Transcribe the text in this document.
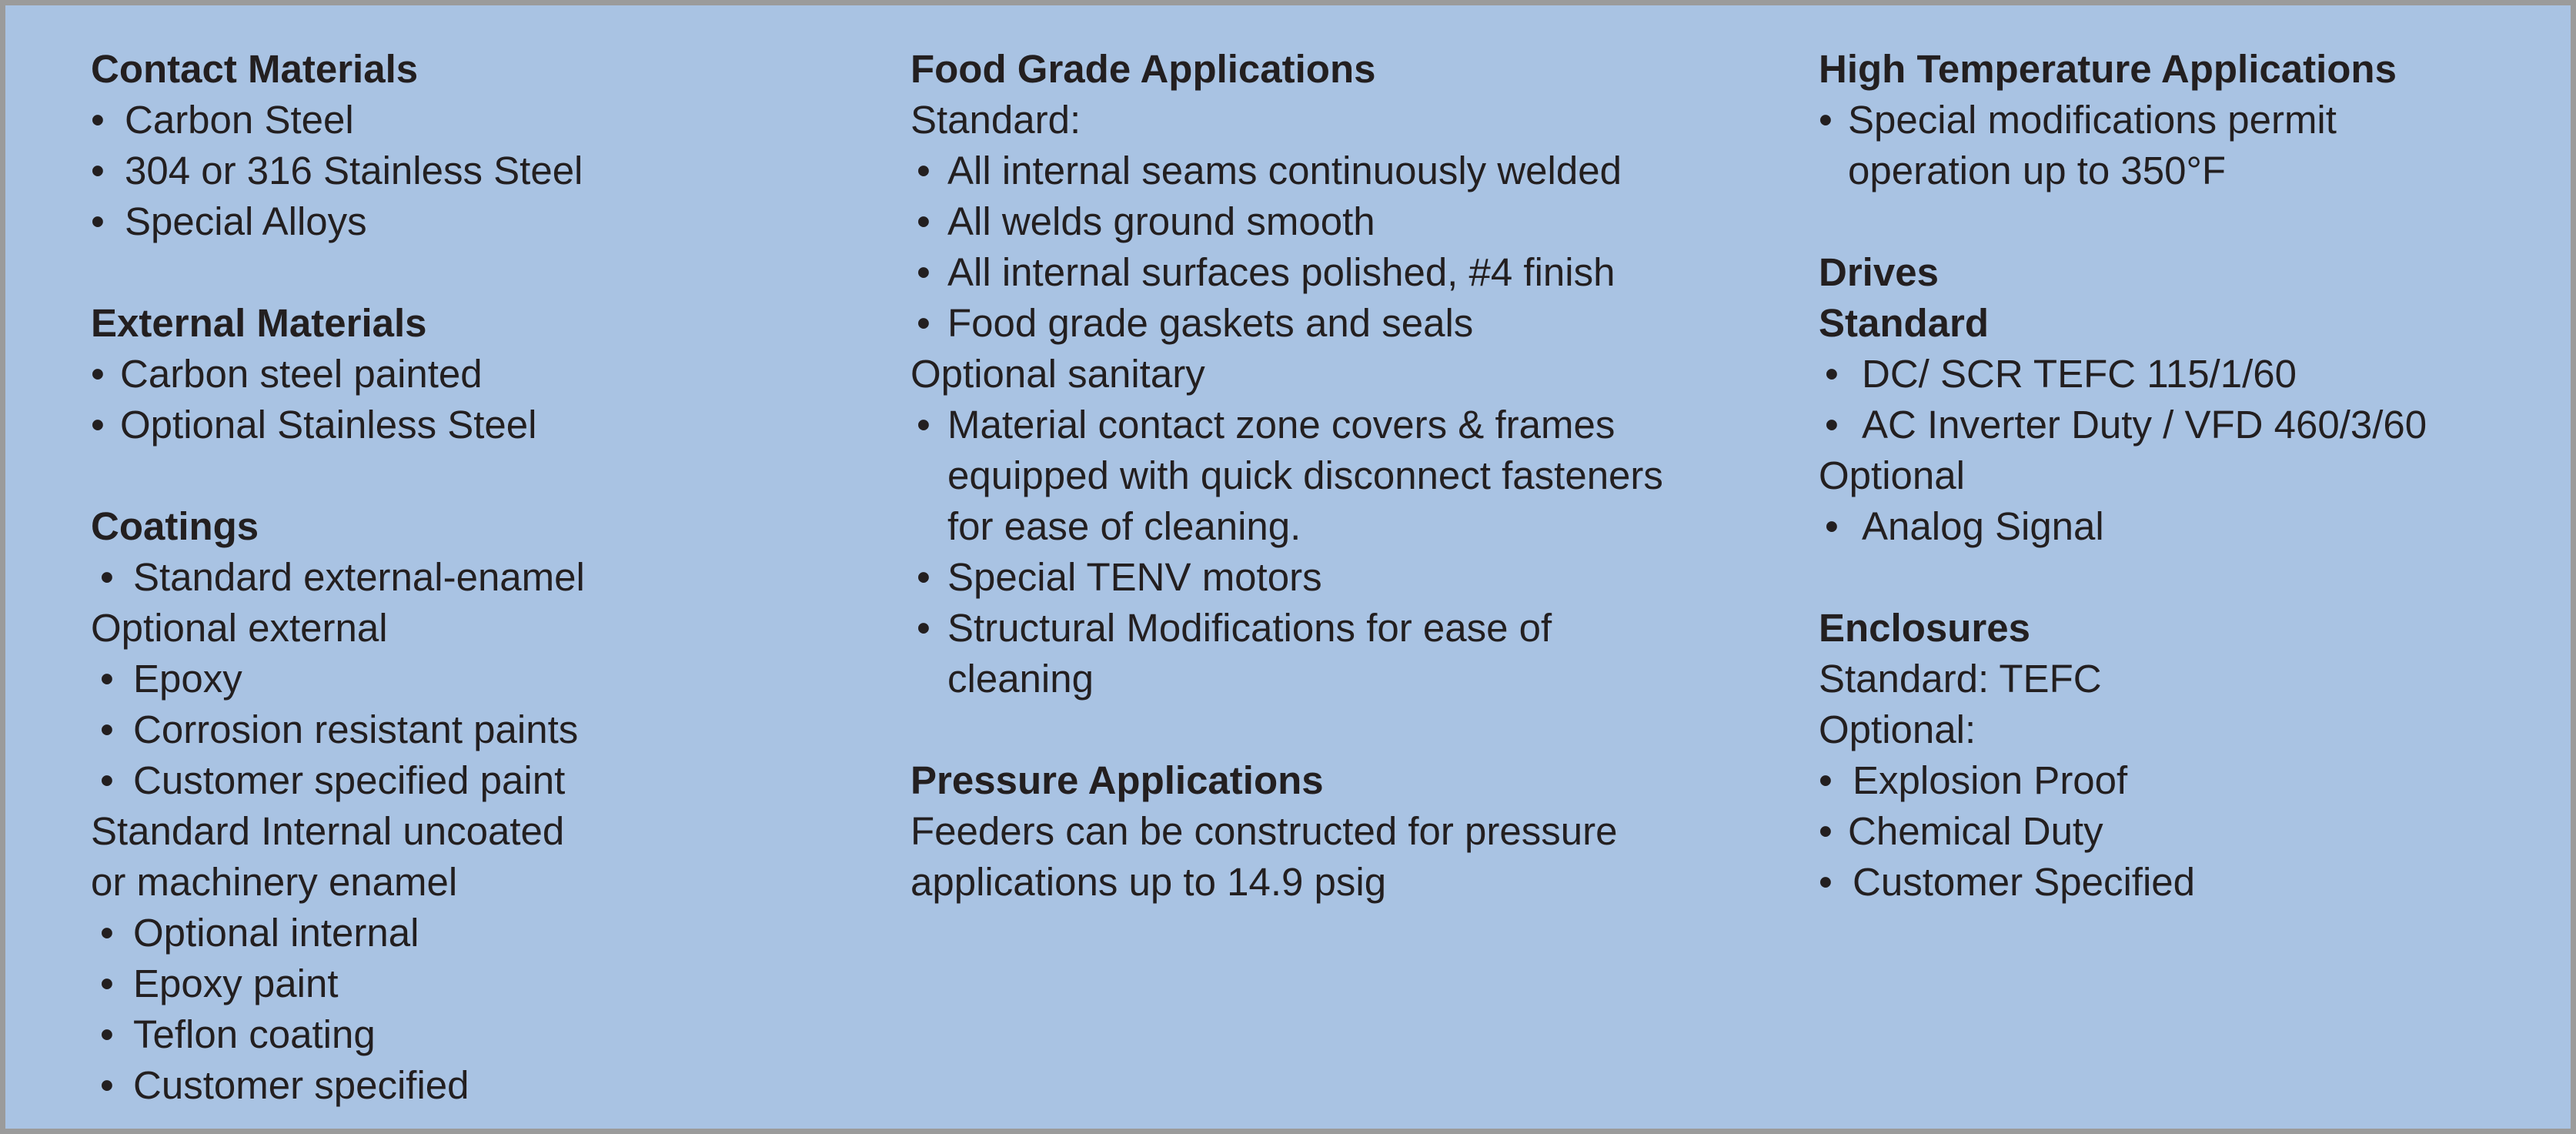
Contact Materials
• Carbon Steel
• 304 or 316 Stainless Steel
• Special Alloys
External Materials
• Carbon steel painted
• Optional Stainless Steel
Coatings
• Standard external-enamel
Optional external
• Epoxy
• Corrosion resistant paints
• Customer specified paint
Standard Internal uncoated
or machinery enamel
• Optional internal
• Epoxy paint
• Teflon coating
• Customer specified
Food Grade Applications
Standard:
• All internal seams continuously welded
• All welds ground smooth
• All internal surfaces polished, #4 finish
• Food grade gaskets and seals
Optional sanitary
• Material contact zone covers & frames
equipped with quick disconnect fasteners
for ease of cleaning.
• Special TENV motors
• Structural Modifications for ease of
cleaning
Pressure Applications
Feeders can be constructed for pressure
applications up to 14.9 psig
High Temperature Applications
• Special modifications permit
operation up to 350°F
Drives
Standard
• DC/ SCR TEFC 115/1/60
• AC Inverter Duty / VFD 460/3/60
Optional
• Analog Signal
Enclosures
Standard: TEFC
Optional:
• Explosion Proof
• Chemical Duty
• Customer Specified
